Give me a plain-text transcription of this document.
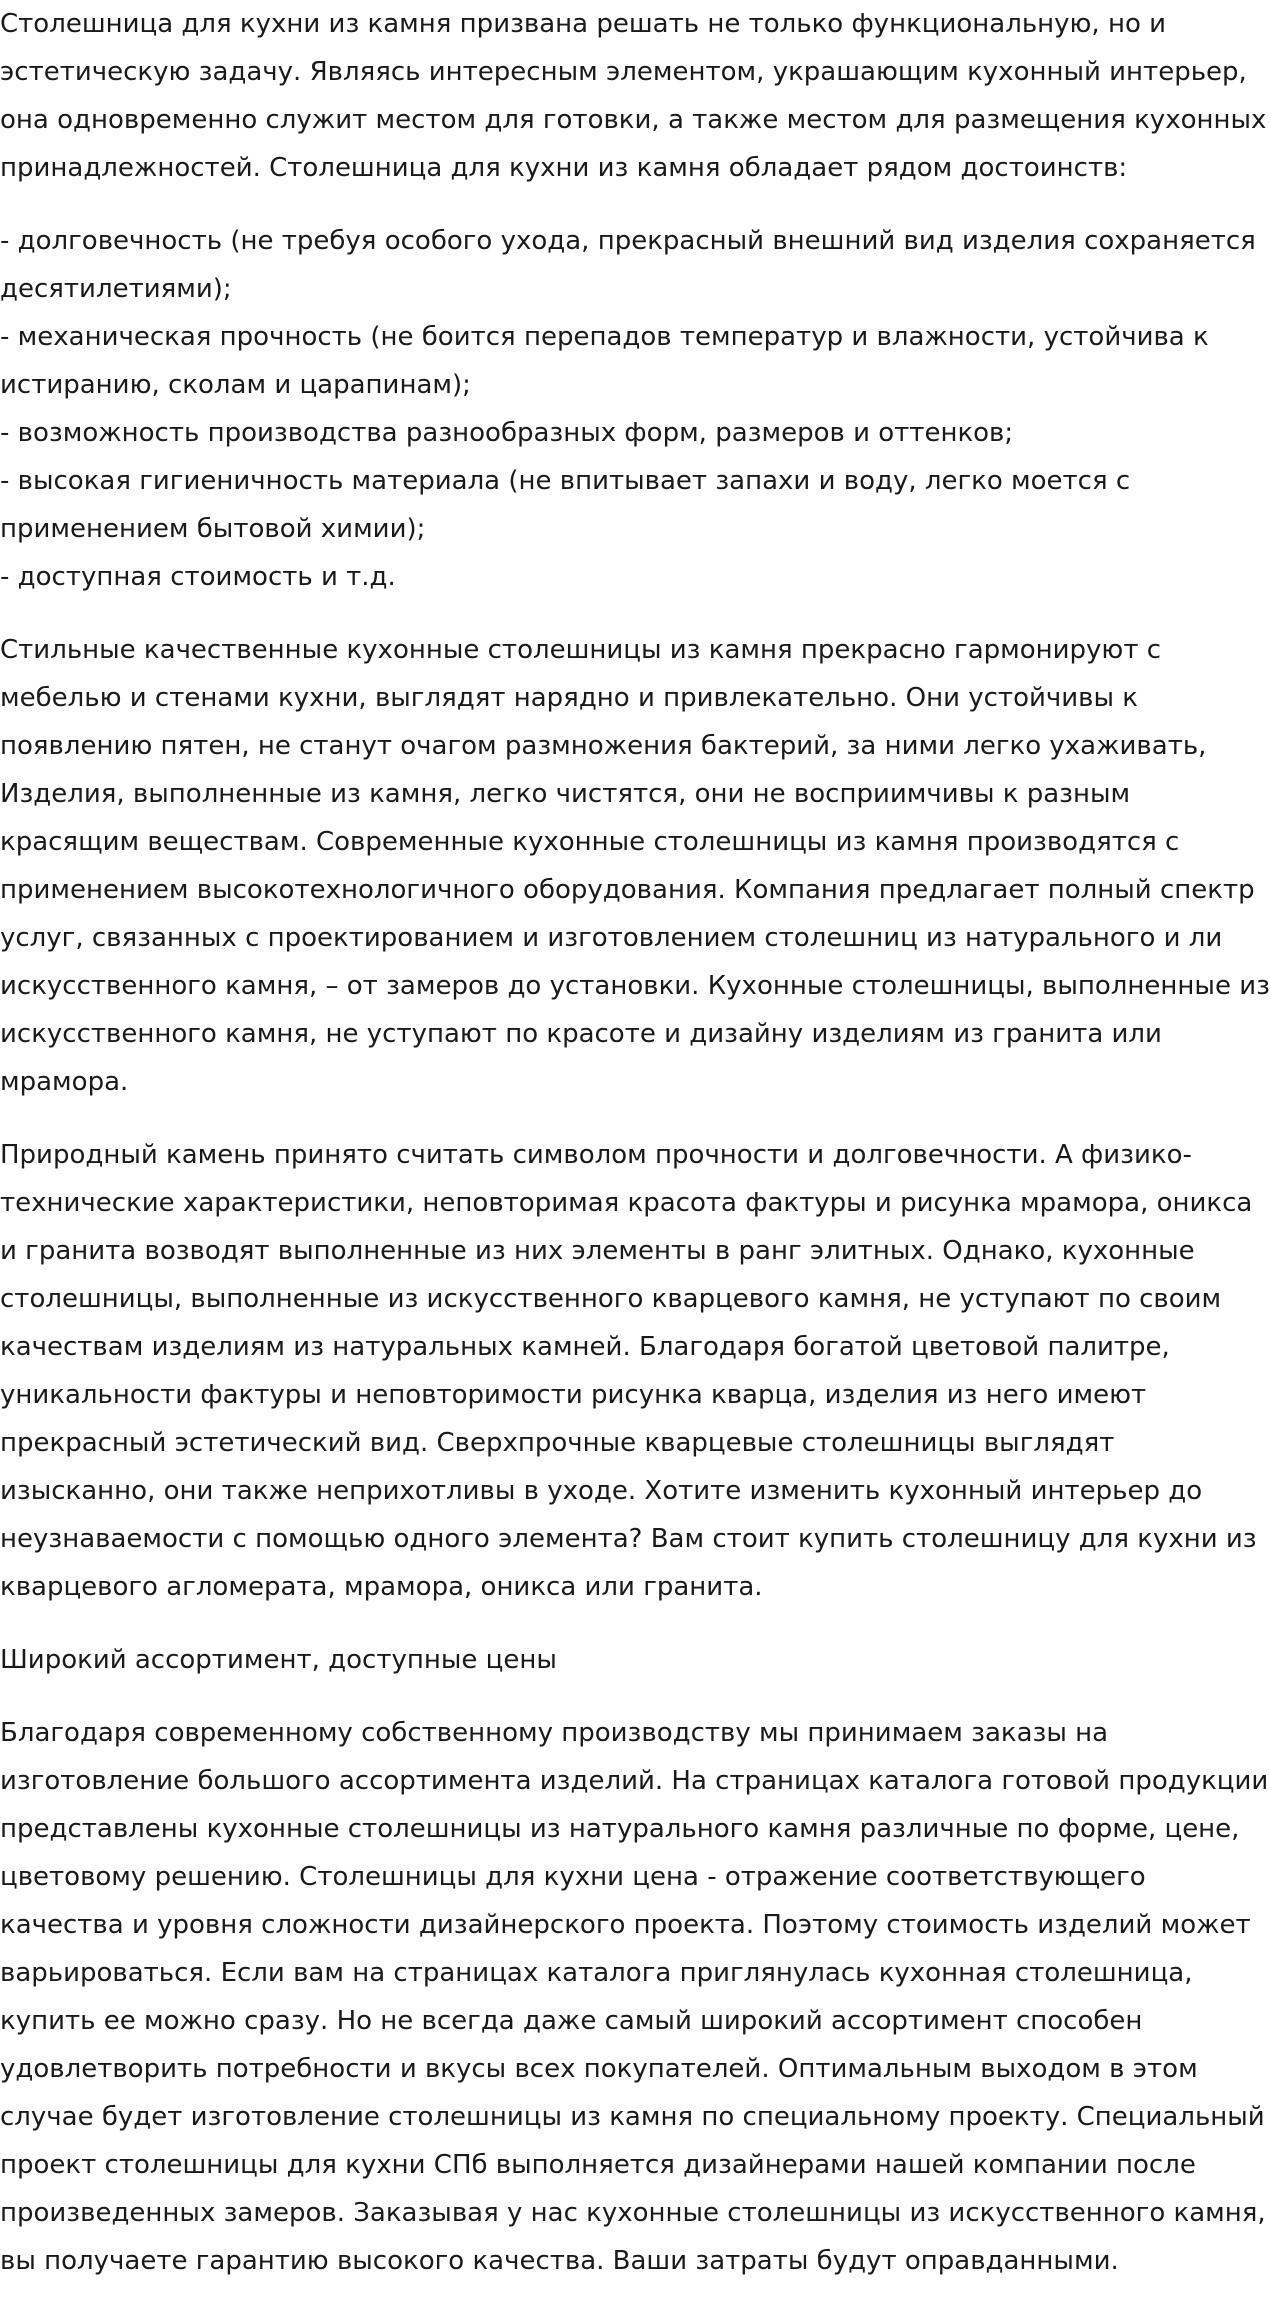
Столешница для кухни из камня призвана решать не только функциональную, но и
эстетическую задачу. Являясь интересным элементом, украшающим кухонный интерьер,
она одновременно служит местом для готовки, а также местом для размещения кухонных
принадлежностей. Столешница для кухни из камня обладает рядом достоинств:

- долговечность (не требуя особого ухода, прекрасный внешний вид изделия сохраняется
десятилетиями);
- механическая прочность (не боится перепадов температур и влажности, устойчива к
истиранию, сколам и царапинам);
- возможность производства разнообразных форм, размеров и оттенков;
- высокая гигиеничность материала (не впитывает запахи и воду, легко моется с
применением бытовой химии);
- доступная стоимость и т.д.

Стильные качественные кухонные столешницы из камня прекрасно гармонируют с
мебелью и стенами кухни, выглядят нарядно и привлекательно. Они устойчивы к
появлению пятен, не станут очагом размножения бактерий, за ними легко ухаживать,
Изделия, выполненные из камня, легко чистятся, они не восприимчивы к разным
красящим веществам. Современные кухонные столешницы из камня производятся с
применением высокотехнологичного оборудования. Компания предлагает полный спектр
услуг, связанных с проектированием и изготовлением столешниц из натурального и ли
искусственного камня, – от замеров до установки. Кухонные столешницы, выполненные из
искусственного камня, не уступают по красоте и дизайну изделиям из гранита или
мрамора.

Природный камень принято считать символом прочности и долговечности. А физико-
технические характеристики, неповторимая красота фактуры и рисунка мрамора, оникса
и гранита возводят выполненные из них элементы в ранг элитных. Однако, кухонные
столешницы, выполненные из искусственного кварцевого камня, не уступают по своим
качествам изделиям из натуральных камней. Благодаря богатой цветовой палитре,
уникальности фактуры и неповторимости рисунка кварца, изделия из него имеют
прекрасный эстетический вид. Сверхпрочные кварцевые столешницы выглядят
изысканно, они также неприхотливы в уходе. Хотите изменить кухонный интерьер до
неузнаваемости с помощью одного элемента? Вам стоит купить столешницу для кухни из
кварцевого агломерата, мрамора, оникса или гранита.

Широкий ассортимент, доступные цены

Благодаря современному собственному производству мы принимаем заказы на
изготовление большого ассортимента изделий. На страницах каталога готовой продукции
представлены кухонные столешницы из натурального камня различные по форме, цене,
цветовому решению. Столешницы для кухни цена - отражение соответствующего
качества и уровня сложности дизайнерского проекта. Поэтому стоимость изделий может
варьироваться. Если вам на страницах каталога приглянулась кухонная столешница,
купить ее можно сразу. Но не всегда даже самый широкий ассортимент способен
удовлетворить потребности и вкусы всех покупателей. Оптимальным выходом в этом
случае будет изготовление столешницы из камня по специальному проекту. Специальный
проект столешницы для кухни СПб выполняется дизайнерами нашей компании после
произведенных замеров. Заказывая у нас кухонные столешницы из искусственного камня,
вы получаете гарантию высокого качества. Ваши затраты будут оправданными.
